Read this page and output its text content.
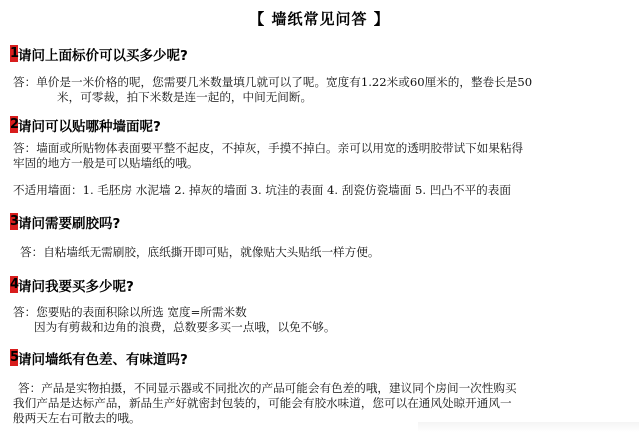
【 墙纸常见问答 】
1
请问上面标价可以买多少呢?
答：单价是一米价格的呢，您需要几米数量填几就可以了呢。宽度有1.22米或60厘米的，整卷长是50
米，可零裁，拍下米数是连一起的，中间无间断。
2
请问可以贴哪种墙面呢?
答：墙面或所贴物体表面要平整不起皮，不掉灰，手摸不掉白。亲可以用宽的透明胶带试下如果粘得
牢固的地方一般是可以贴墙纸的哦。
不适用墙面：1. 毛胚房 水泥墙 2. 掉灰的墙面 3. 坑洼的表面 4. 刮瓷仿瓷墙面 5. 凹凸不平的表面
3
请问需要刷胶吗?
答：自粘墙纸无需刷胶，底纸撕开即可贴，就像贴大头贴纸一样方便。
4
请问我要买多少呢?
答：您要贴的表面积除以所选 宽度=所需米数
因为有剪裁和边角的浪费，总数要多买一点哦，以免不够。
5
请问墙纸有色差、有味道吗?
答：产品是实物拍摄，不同显示器或不同批次的产品可能会有色差的哦，建议同个房间一次性购买
我们产品是达标产品，新品生产好就密封包装的，可能会有胶水味道，您可以在通风处晾开通风一
般两天左右可散去的哦。
